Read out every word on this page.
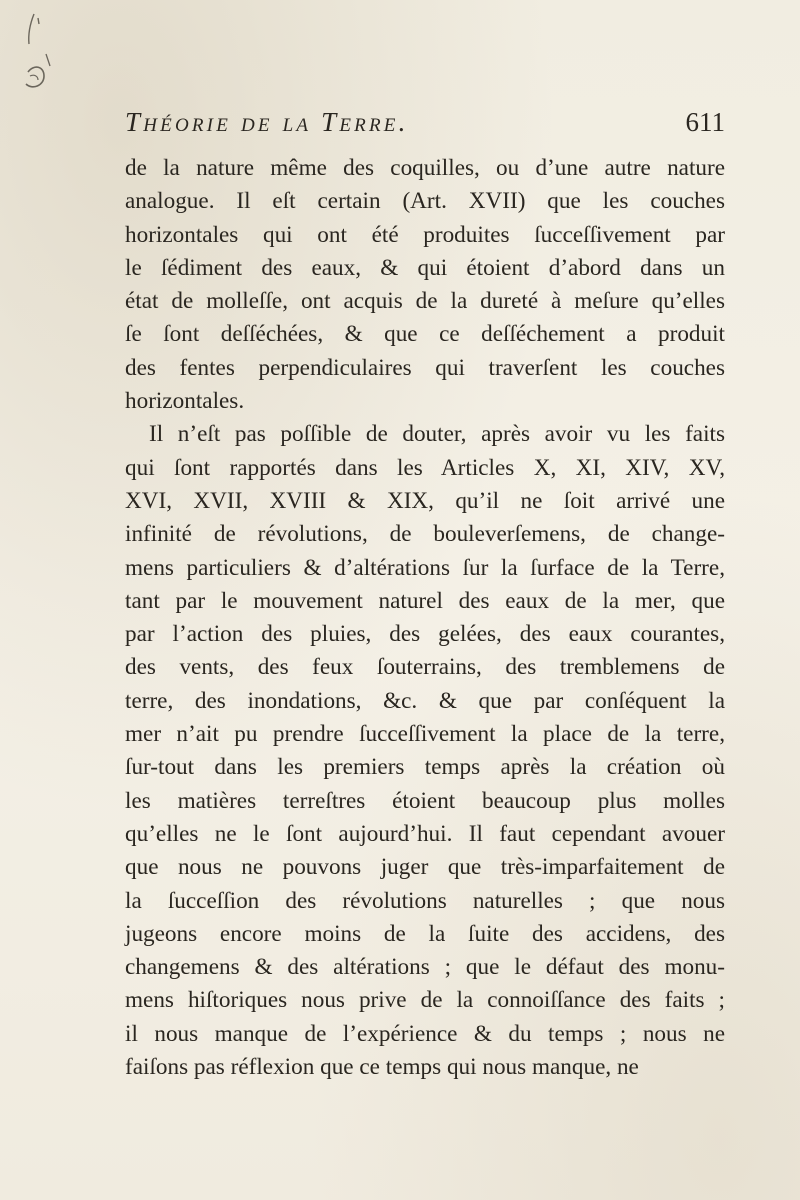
Théorie de la Terre.	611
de la nature même des coquilles, ou d’une autre nature
analogue. Il eſt certain (Art. XVII) que les couches
horizontales qui ont été produites ſucceſſivement par
le ſédiment des eaux, & qui étoient d’abord dans un
état de molleſſe, ont acquis de la dureté à meſure qu’elles
ſe ſont deſſéchées, & que ce deſſéchement a produit
des fentes perpendiculaires qui traverſent les couches
horizontales.
Il n’eſt pas poſſible de douter, après avoir vu les faits
qui ſont rapportés dans les Articles X, XI, XIV, XV,
XVI, XVII, XVIII & XIX, qu’il ne ſoit arrivé une
infinité de révolutions, de bouleverſemens, de change-
mens particuliers & d’altérations ſur la ſurface de la Terre,
tant par le mouvement naturel des eaux de la mer, que
par l’action des pluies, des gelées, des eaux courantes,
des vents, des feux ſouterrains, des tremblemens de
terre, des inondations, &c. & que par conſéquent la
mer n’ait pu prendre ſucceſſivement la place de la terre,
ſur-tout dans les premiers temps après la création où
les matières terreſtres étoient beaucoup plus molles
qu’elles ne le ſont aujourd’hui. Il faut cependant avouer
que nous ne pouvons juger que très-imparfaitement de
la ſucceſſion des révolutions naturelles ; que nous
jugeons encore moins de la ſuite des accidens, des
changemens & des altérations ; que le défaut des monu-
mens hiſtoriques nous prive de la connoiſſance des faits ;
il nous manque de l’expérience & du temps ; nous ne
faiſons pas réflexion que ce temps qui nous manque, ne
